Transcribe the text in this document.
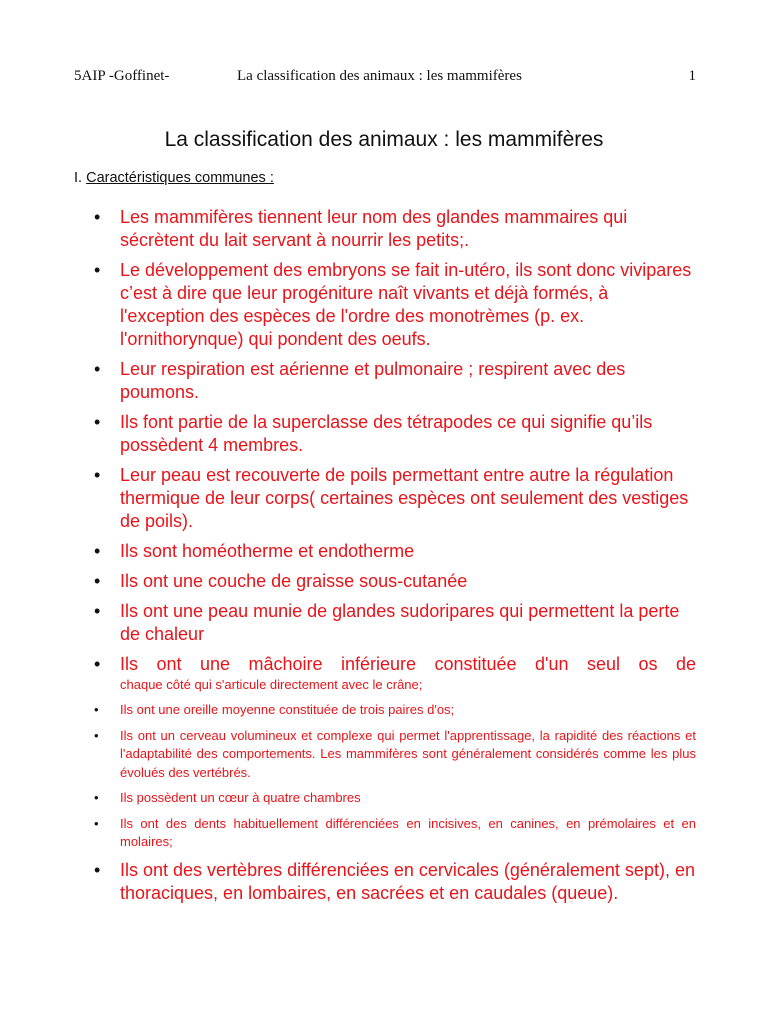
5AIP -Goffinet-	La classification des animaux : les mammifères	1
La classification des animaux : les mammifères
I. Caractéristiques communes :
• Les mammifères tiennent leur nom des glandes mammaires qui sécrètent du lait servant à nourrir les petits;.
• Le développement des embryons se fait in-utéro, ils sont donc vivipares c’est à dire que leur progéniture naît vivants et déjà formés, à l'exception des espèces de l'ordre des monotrèmes (p. ex. l'ornithorynque) qui pondent des oeufs.
• Leur respiration est aérienne et pulmonaire ; respirent avec des poumons.
• Ils font partie de la superclasse des tétrapodes ce qui signifie qu’ils possèdent 4 membres.
• Leur peau est recouverte de poils permettant entre autre la régulation thermique de leur corps( certaines espèces ont seulement des vestiges de poils).
• Ils sont homéotherme et endotherme
• Ils ont une couche de graisse sous-cutanée
• Ils ont une peau munie de glandes sudoripares qui permettent la perte de chaleur
• Ils ont une mâchoire inférieure constituée d'un seul os de
chaque côté qui s'articule directement avec le crâne;
• Ils ont une oreille moyenne constituée de trois paires d'os;
• Ils ont un cerveau volumineux et complexe qui permet l'apprentissage, la rapidité des réactions et l'adaptabilité des comportements. Les mammifères sont généralement considérés comme les plus évolués des vertébrés.
• Ils possèdent un cœur à quatre chambres
• Ils ont des dents habituellement différenciées en incisives, en canines, en prémolaires et en molaires;
• Ils ont des vertèbres différenciées en cervicales (généralement sept), en thoraciques, en lombaires, en sacrées et en caudales (queue).
